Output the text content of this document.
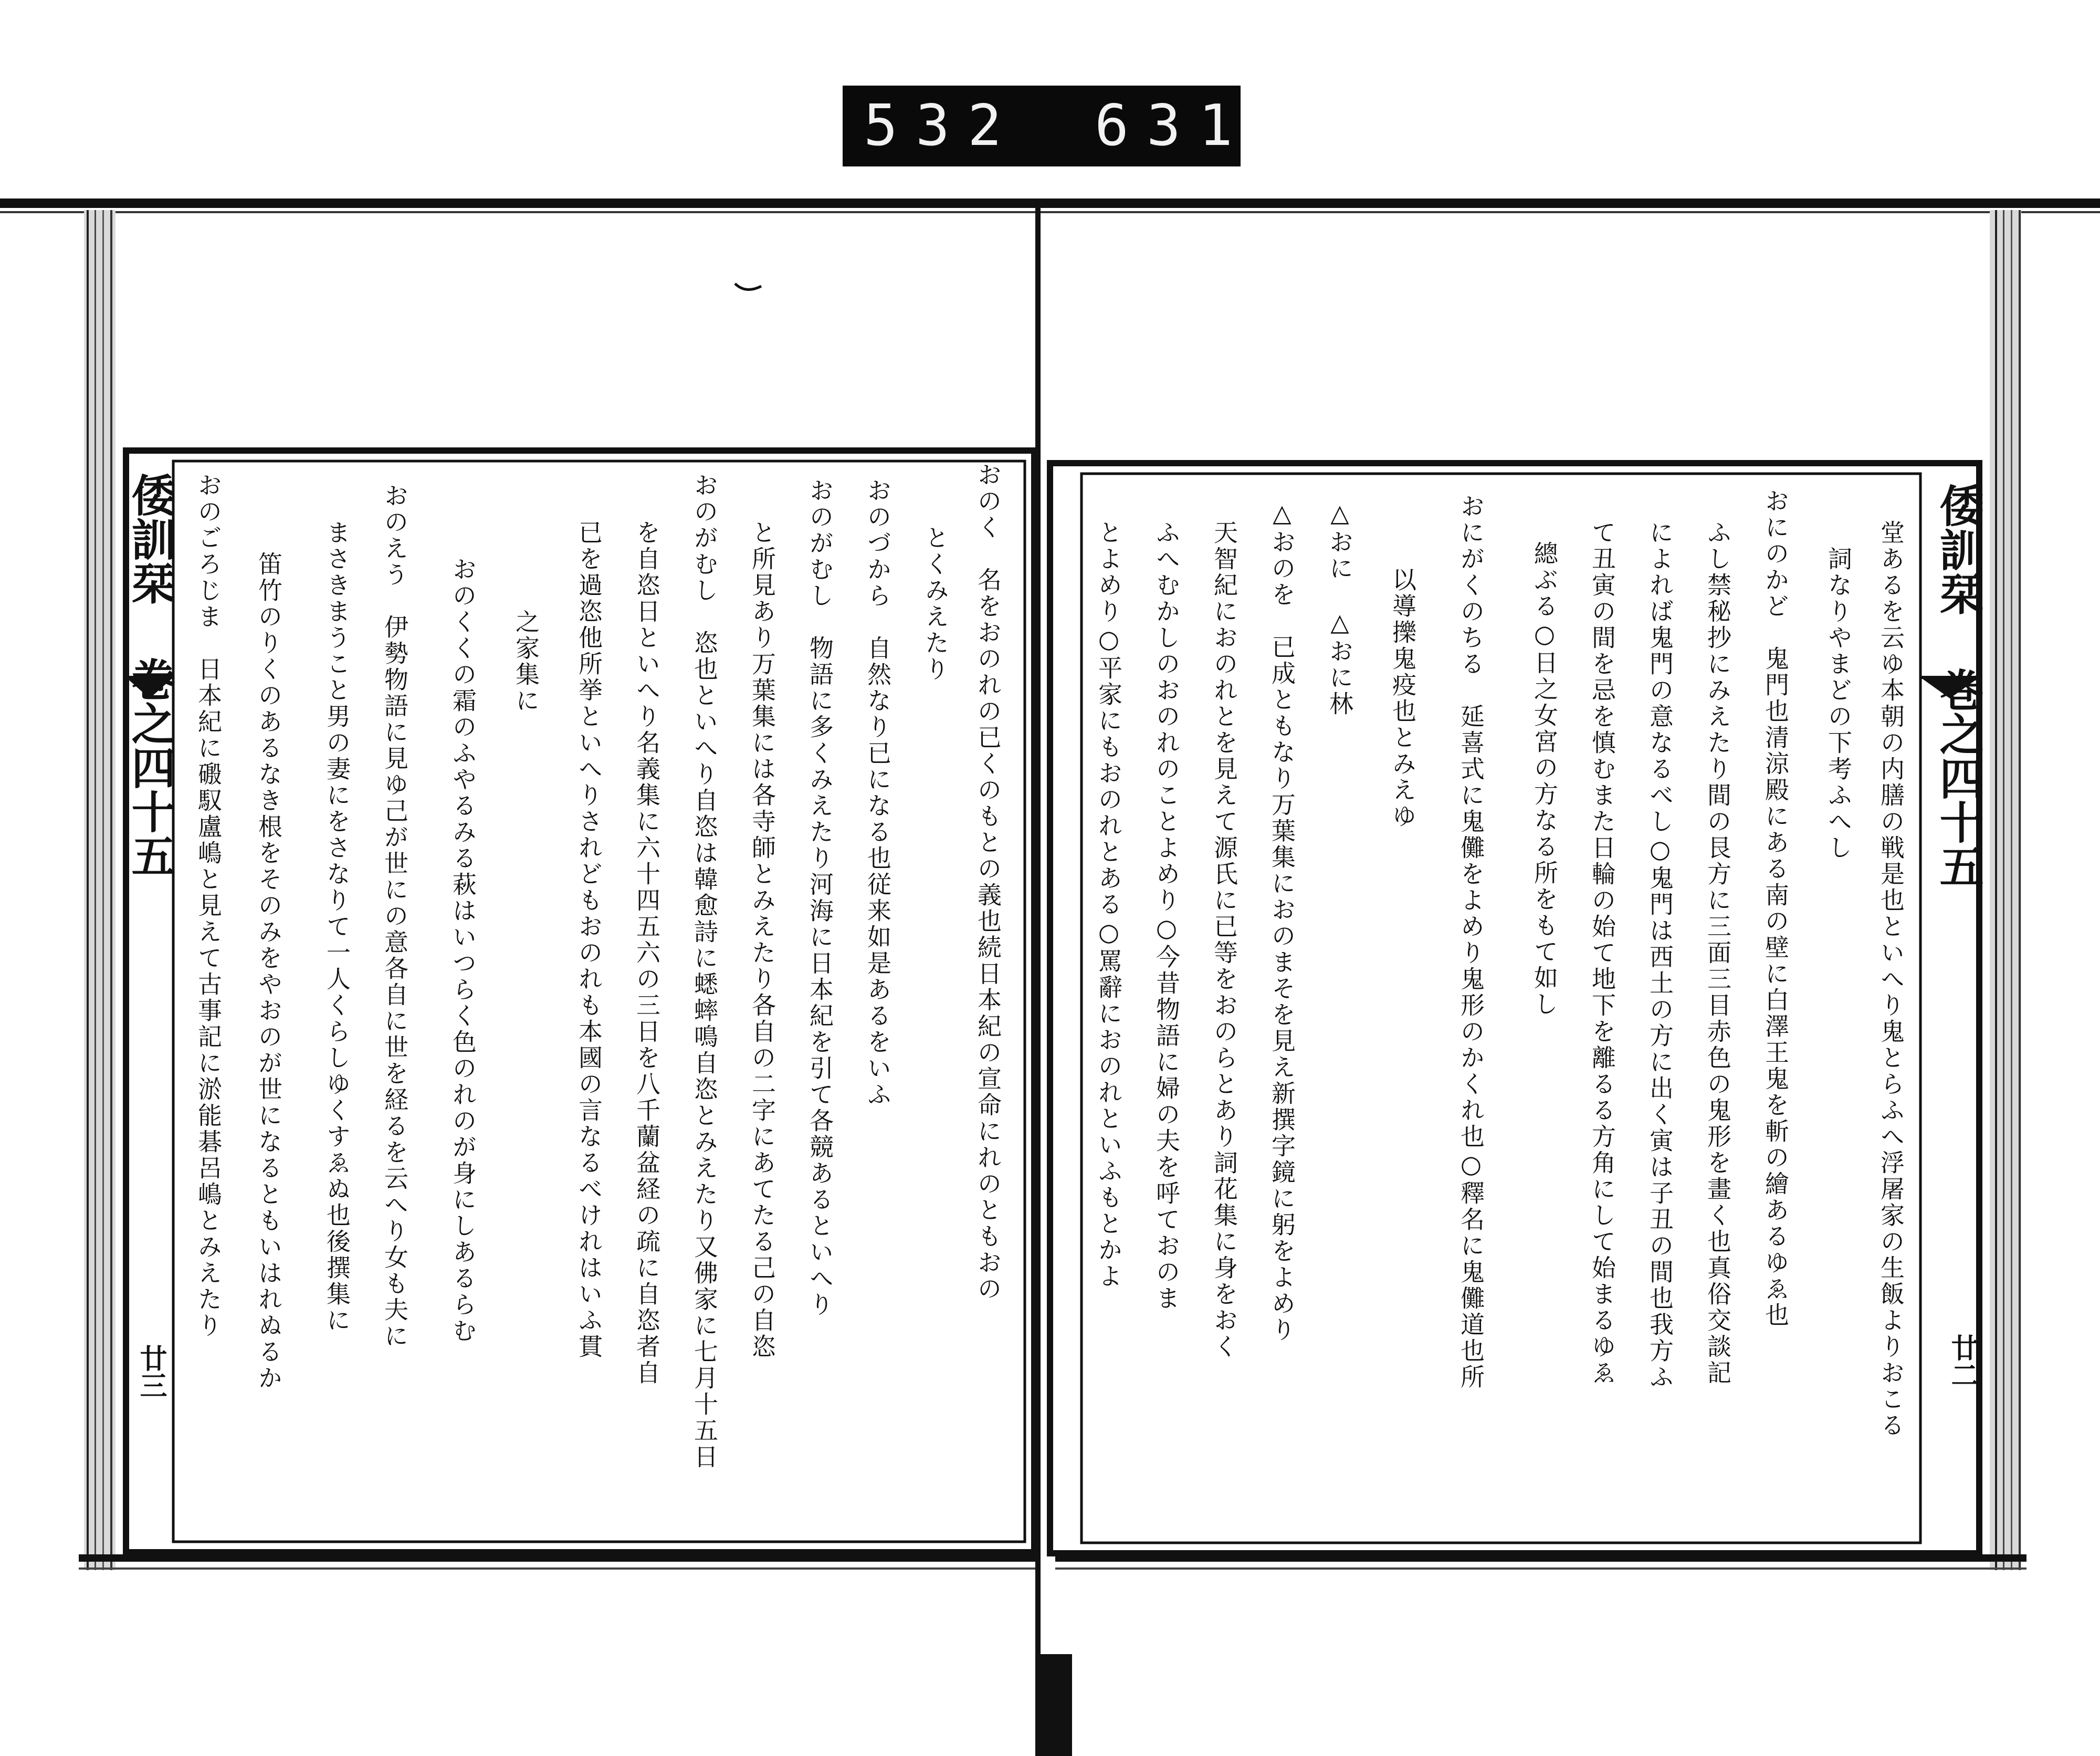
532 631
倭訓栞 巻之四十五
廿二
堂あるを云ゆ本朝の内膳の戦是也といへり鬼とらふへ浮屠家の生飯よりおこる
詞なりやまどの下考ふへし
おにのかど　鬼門也清涼殿にある南の壁に白澤王鬼を斬の繪あるゆゑ也
ふし禁秘抄にみえたり間の艮方に三面三目赤色の鬼形を畫く也真俗交談記
によれば鬼門の意なるべし○鬼門は西土の方に出く寅は子丑の間也我方ふ
て丑寅の間を忌を慎むまた日輪の始て地下を離るる方角にして始まるゆゑ
總ぶる○日之女宮の方なる所をもて如し
おにがくのちる　延喜式に鬼儺をよめり鬼形のかくれ也○釋名に鬼儺道也所
以導擽鬼疫也とみえゆ
△おに　△おに林
△おのを　已成ともなり万葉集におのまそを見え新撰字鏡に躬をよめり
天智紀におのれとを見えて源氏に已等をおのらとあり詞花集に身をおく
ふへむかしのおのれのことよめり○今昔物語に婦の夫を呼ておのま
とよめり○平家にもおのれとある○罵辭におのれといふもとかよ
倭訓栞 巻之四十五
廿三
おのく　名をおのれの已くのもとの義也続日本紀の宣命にれのともおの
とくみえたり
おのづから　自然なり已になる也従来如是あるをいふ
おのがむし　物語に多くみえたり河海に日本紀を引て各競あるといへり
と所見あり万葉集には各寺師とみえたり各自の二字にあてたる己の自恣
おのがむし　恣也といへり自恣は韓愈詩に蟋蟀鳴自恣とみえたり又佛家に七月十五日
を自恣日といへり名義集に六十四五六の三日を八千蘭盆経の疏に自恣者自
已を過恣他所挙といへりされどもおのれも本國の言なるべけれはいふ貫
之家集に
おのくくの霜のふやるみる萩はいつらく色のれのが身にしあるらむ
おのえう　伊勢物語に見ゆ己が世にの意各自に世を経るを云へり女も夫に
まさきまうこと男の妻にをさなりて一人くらしゆくすゑぬ也後撰集に
笛竹のりくのあるなき根をそのみをやおのが世になるともいはれぬるか
おのごろじま　日本紀に磤馭盧嶋と見えて古事記に淤能碁呂嶋とみえたり
